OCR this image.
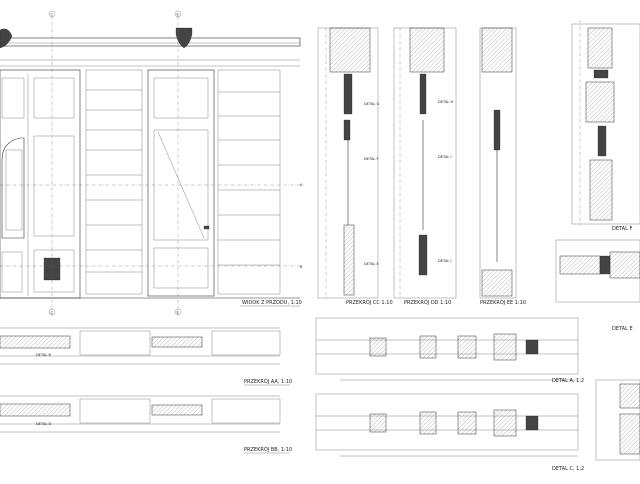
C	E
C	E
A
B
WIDOK Z PRZODU, 1:10
DETAL B
PRZEKRÓJ AA, 1:10
DETAL D
PRZEKRÓJ BB, 1:10
DETAL G
DETAL F
DETAL E
PRZEKRÓJ CC 1:10
DETAL H
DETAL I
DETAL J
PRZEKRÓJ DD 1:10	PRZEKRÓJ EE 1:10
DETAL F
DETAL E
DETAL A, 1:2
DETAL C, 1:2
